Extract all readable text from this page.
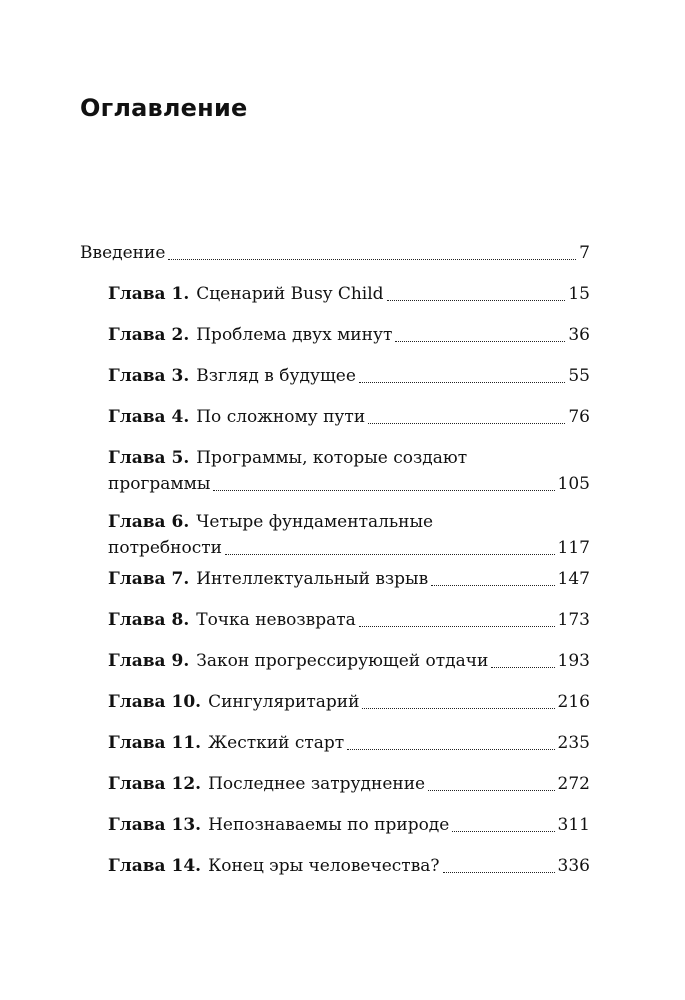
Оглавление
Введение	7
Глава 1. Сценарий Busy Child	15
Глава 2. Проблема двух минут	36
Глава 3. Взгляд в будущее	55
Глава 4. По сложному пути	76
Глава 5. Программы, которые создают
программы	105
Глава 6. Четыре фундаментальные
потребности	117
Глава 7. Интеллектуальный взрыв	147
Глава 8. Точка невозврата	173
Глава 9. Закон прогрессирующей отдачи	193
Глава 10. Сингуляритарий	216
Глава 11. Жесткий старт	235
Глава 12. Последнее затруднение	272
Глава 13. Непознаваемы по природе	311
Глава 14. Конец эры человечества?	336
